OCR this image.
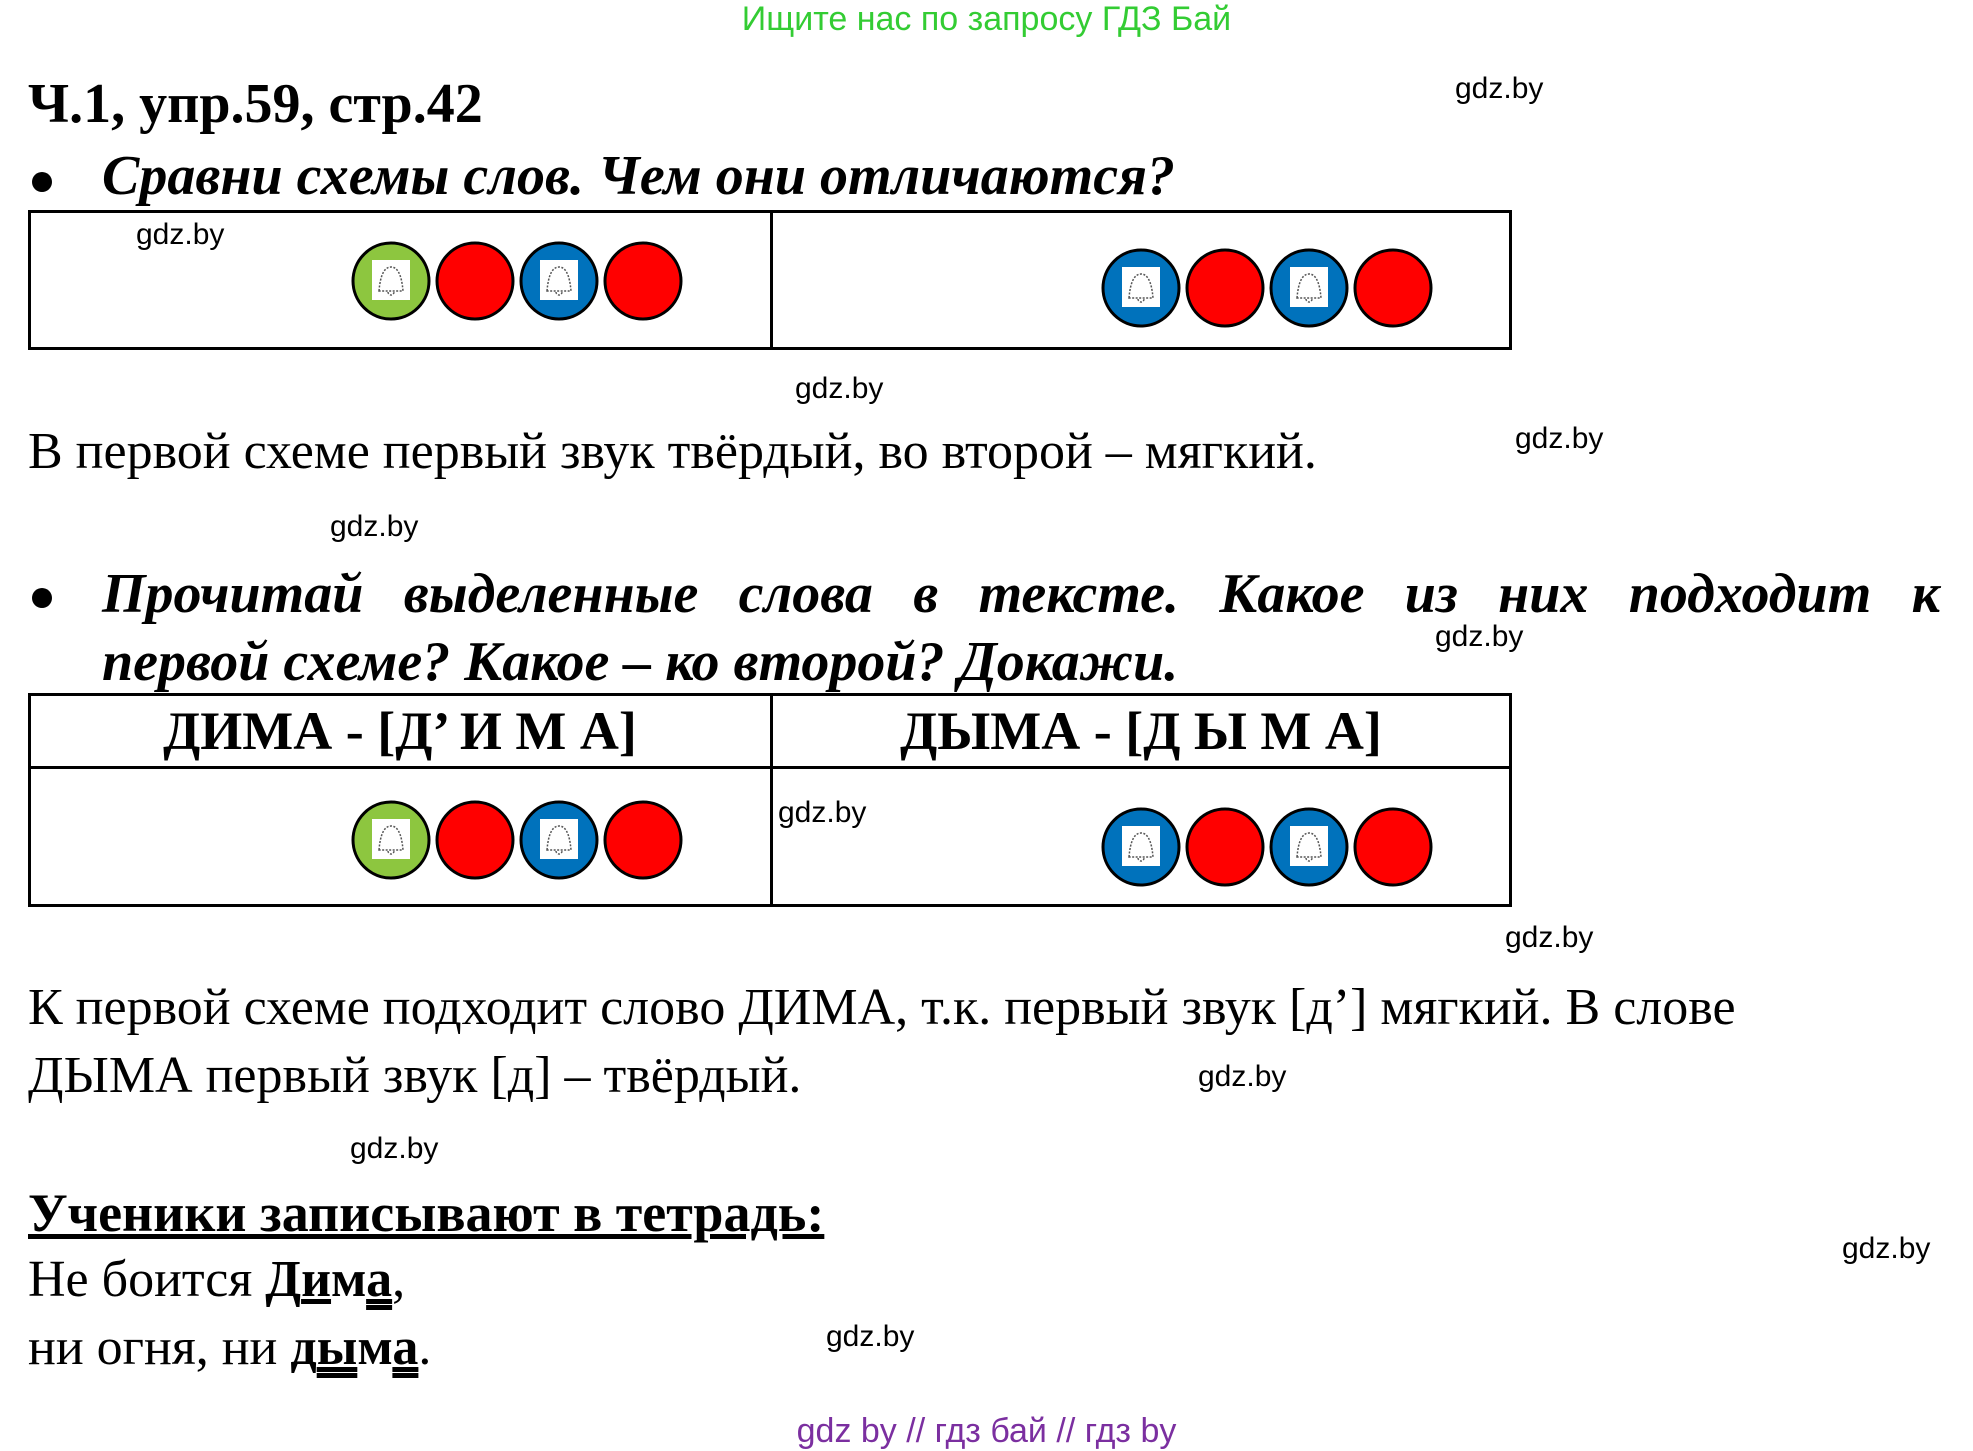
Ищите нас по запросу ГДЗ Бай
Ч.1, упр.59, стр.42	gdz.by
Сравни схемы слов. Чем они отличаются?
gdz.by
gdz.by
В первой схеме первый звук твёрдый, во второй – мягкий.	gdz.by
gdz.by
Прочитай выделенные слова в тексте. Какое из них подходит к
первой схеме? Какое – ко второй? Докажи.	gdz.by
ДИМА - [Д’ И М А]	ДЫМА - [Д Ы М А]
gdz.by
gdz.by
К первой схеме подходит слово ДИМА, т.к. первый звук [д’] мягкий. В слове
ДЫМА первый звук [д] – твёрдый.	gdz.by
gdz.by
Ученики записывают в тетрадь:
gdz.by
Не боится Дима,
ни огня, ни дыма.	gdz.by
gdz by // гдз бай // гдз by
